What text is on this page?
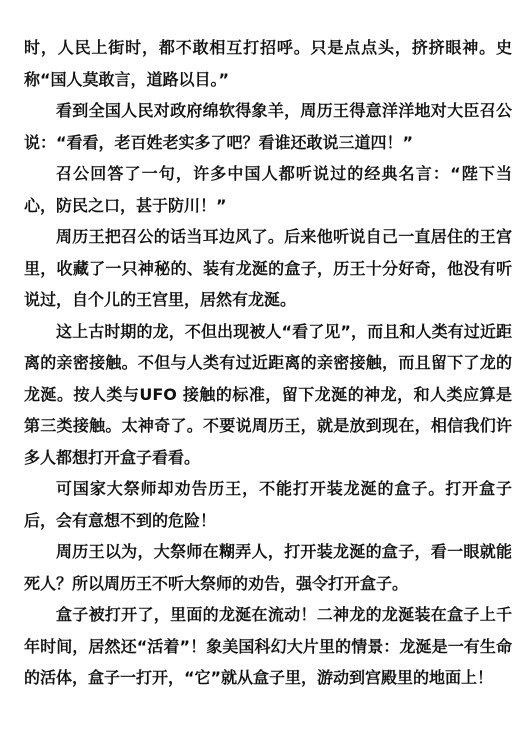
时，人民上街时，都不敢相互打招呼。只是点点头，挤挤眼神。史称“国人莫敢言，道路以目。”

看到全国人民对政府绵软得象羊，周历王得意洋洋地对大臣召公说：“看看，老百姓老实多了吧？看谁还敢说三道四！”

召公回答了一句，许多中国人都听说过的经典名言：“陛下当心，防民之口，甚于防川！”

周历王把召公的话当耳边风了。后来他听说自己一直居住的王宫里，收藏了一只神秘的、装有龙涎的盒子，历王十分好奇，他没有听说过，自个儿的王宫里，居然有龙涎。

这上古时期的龙，不但出现被人“看了见”，而且和人类有过近距离的亲密接触。不但与人类有过近距离的亲密接触，而且留下了龙的龙涎。按人类与UFO 接触的标准，留下龙涎的神龙，和人类应算是第三类接触。太神奇了。不要说周历王，就是放到现在，相信我们许多人都想打开盒子看看。

可国家大祭师却劝告历王，不能打开装龙涎的盒子。打开盒子后，会有意想不到的危险！

周历王以为，大祭师在糊弄人，打开装龙涎的盒子，看一眼就能死人？所以周历王不听大祭师的劝告，强令打开盒子。

盒子被打开了，里面的龙涎在流动！二神龙的龙涎装在盒子上千年时间，居然还“活着”！象美国科幻大片里的情景：龙涎是一有生命的活体，盒子一打开，“它”就从盒子里，游动到宫殿里的地面上！
